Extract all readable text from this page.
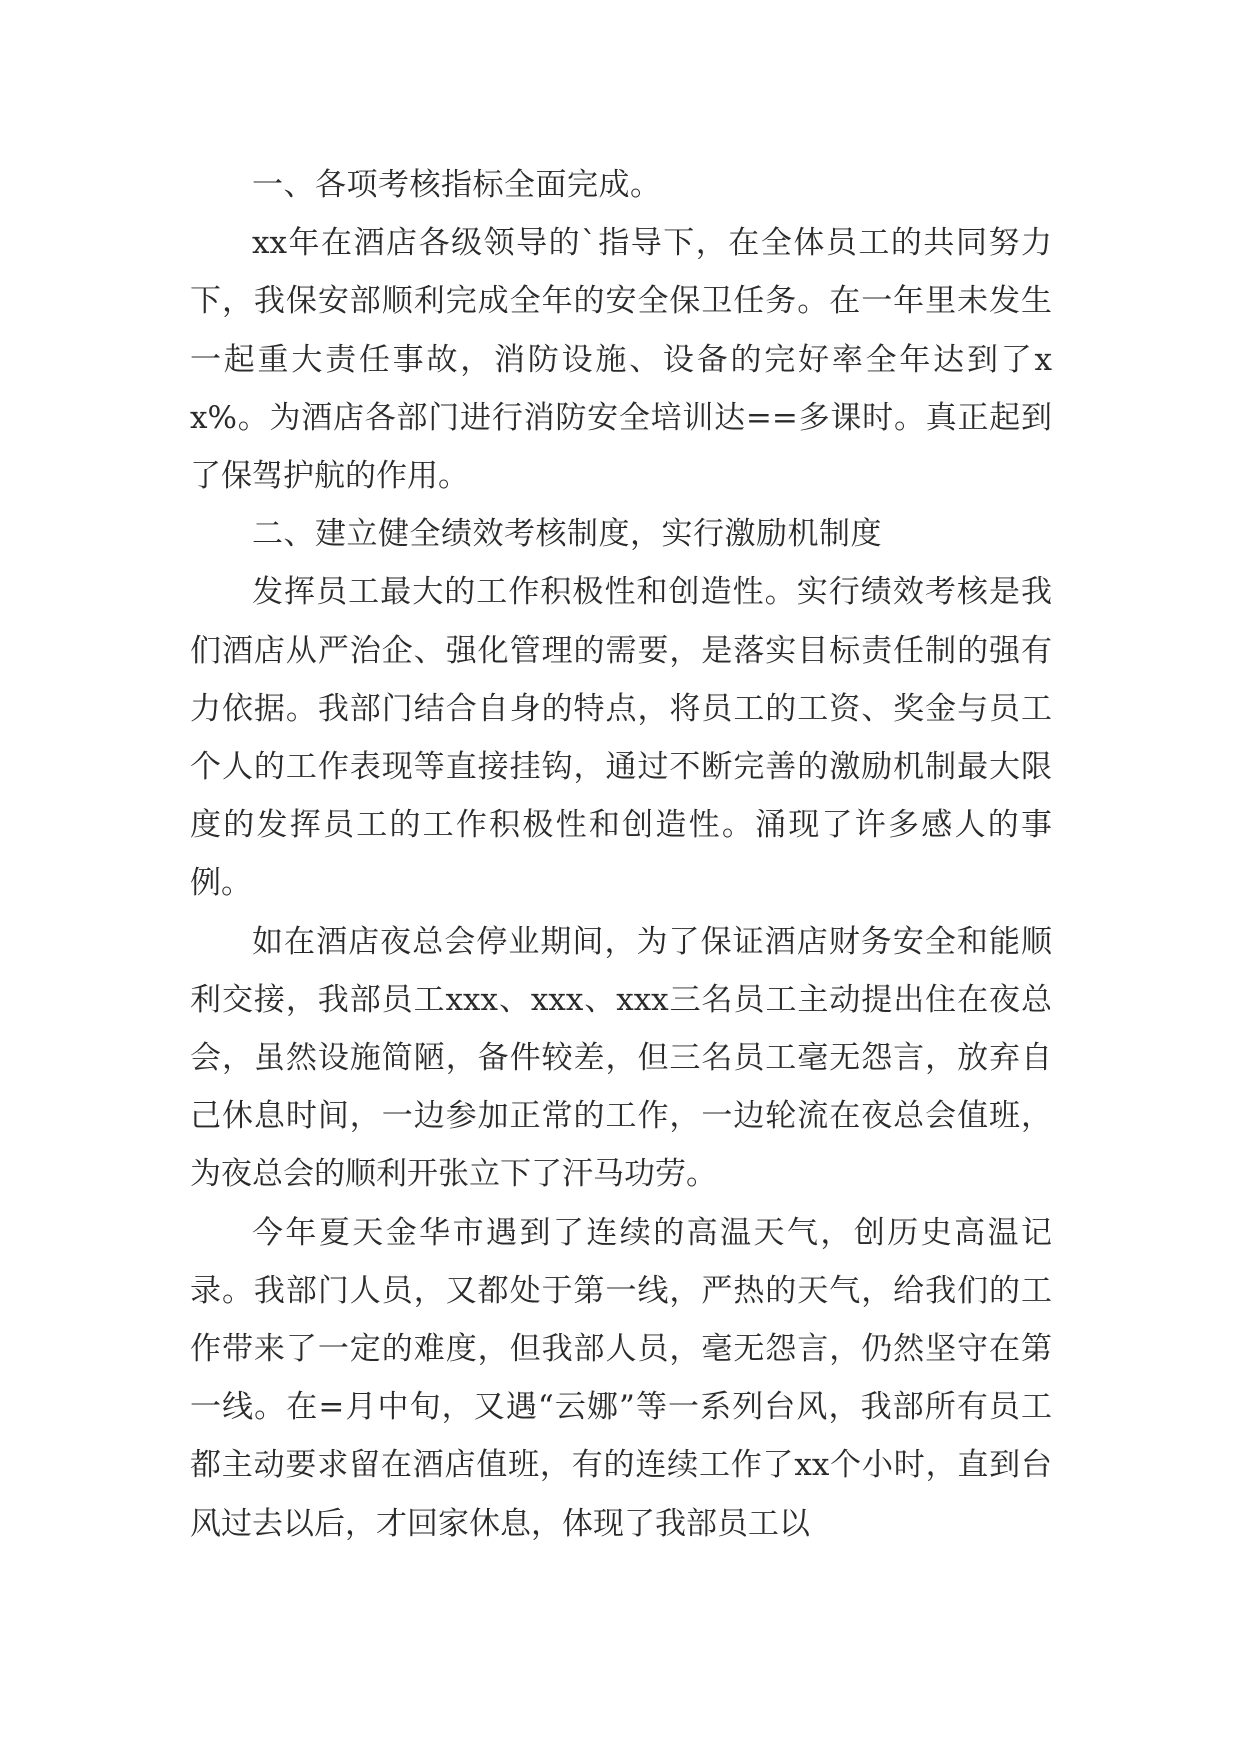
一、各项考核指标全面完成。

xx年在酒店各级领导的`指导下，在全体员工的共同努力下，我保安部顺利完成全年的安全保卫任务。在一年里未发生一起重大责任事故，消防设施、设备的完好率全年达到了xx%。为酒店各部门进行消防安全培训达==多课时。真正起到了保驾护航的作用。

二、建立健全绩效考核制度，实行激励机制度

发挥员工最大的工作积极性和创造性。实行绩效考核是我们酒店从严治企、强化管理的需要，是落实目标责任制的强有力依据。我部门结合自身的特点，将员工的工资、奖金与员工个人的工作表现等直接挂钩，通过不断完善的激励机制最大限度的发挥员工的工作积极性和创造性。涌现了许多感人的事例。

如在酒店夜总会停业期间，为了保证酒店财务安全和能顺利交接，我部员工xxx、xxx、xxx三名员工主动提出住在夜总会，虽然设施简陋，备件较差，但三名员工毫无怨言，放弃自己休息时间，一边参加正常的工作，一边轮流在夜总会值班，为夜总会的顺利开张立下了汗马功劳。

今年夏天金华市遇到了连续的高温天气，创历史高温记录。我部门人员，又都处于第一线，严热的天气，给我们的工作带来了一定的难度，但我部人员，毫无怨言，仍然坚守在第一线。在=月中旬，又遇“云娜”等一系列台风，我部所有员工都主动要求留在酒店值班，有的连续工作了xx个小时，直到台风过去以后，才回家休息，体现了我部员工以
